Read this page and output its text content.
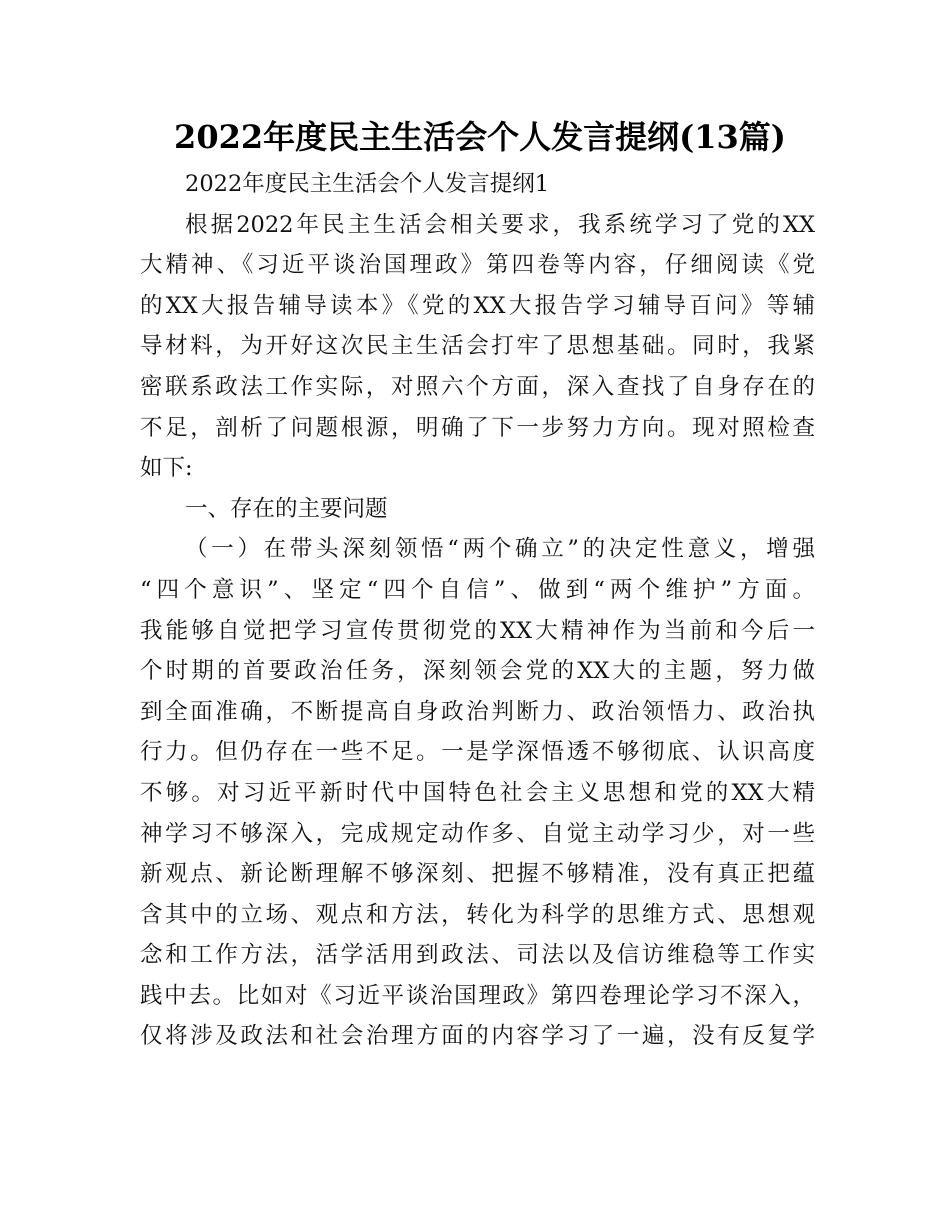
2022年度民主生活会个人发言提纲(13篇)
2022年度民主生活会个人发言提纲1
根据2022年民主生活会相关要求，我系统学习了党的XX
大精神、《习近平谈治国理政》第四卷等内容，仔细阅读《党
的XX大报告辅导读本》《党的XX大报告学习辅导百问》等辅
导材料，为开好这次民主生活会打牢了思想基础。同时，我紧
密联系政法工作实际，对照六个方面，深入查找了自身存在的
不足，剖析了问题根源，明确了下一步努力方向。现对照检查
如下:
一、存在的主要问题
（一）在带头深刻领悟“两个确立”的决定性意义，增强
“四个意识”、坚定“四个自信”、做到“两个维护”方面。
我能够自觉把学习宣传贯彻党的XX大精神作为当前和今后一
个时期的首要政治任务，深刻领会党的XX大的主题，努力做
到全面准确，不断提高自身政治判断力、政治领悟力、政治执
行力。但仍存在一些不足。一是学深悟透不够彻底、认识高度
不够。对习近平新时代中国特色社会主义思想和党的XX大精
神学习不够深入，完成规定动作多、自觉主动学习少，对一些
新观点、新论断理解不够深刻、把握不够精准，没有真正把蕴
含其中的立场、观点和方法，转化为科学的思维方式、思想观
念和工作方法，活学活用到政法、司法以及信访维稳等工作实
践中去。比如对《习近平谈治国理政》第四卷理论学习不深入，
仅将涉及政法和社会治理方面的内容学习了一遍，没有反复学
